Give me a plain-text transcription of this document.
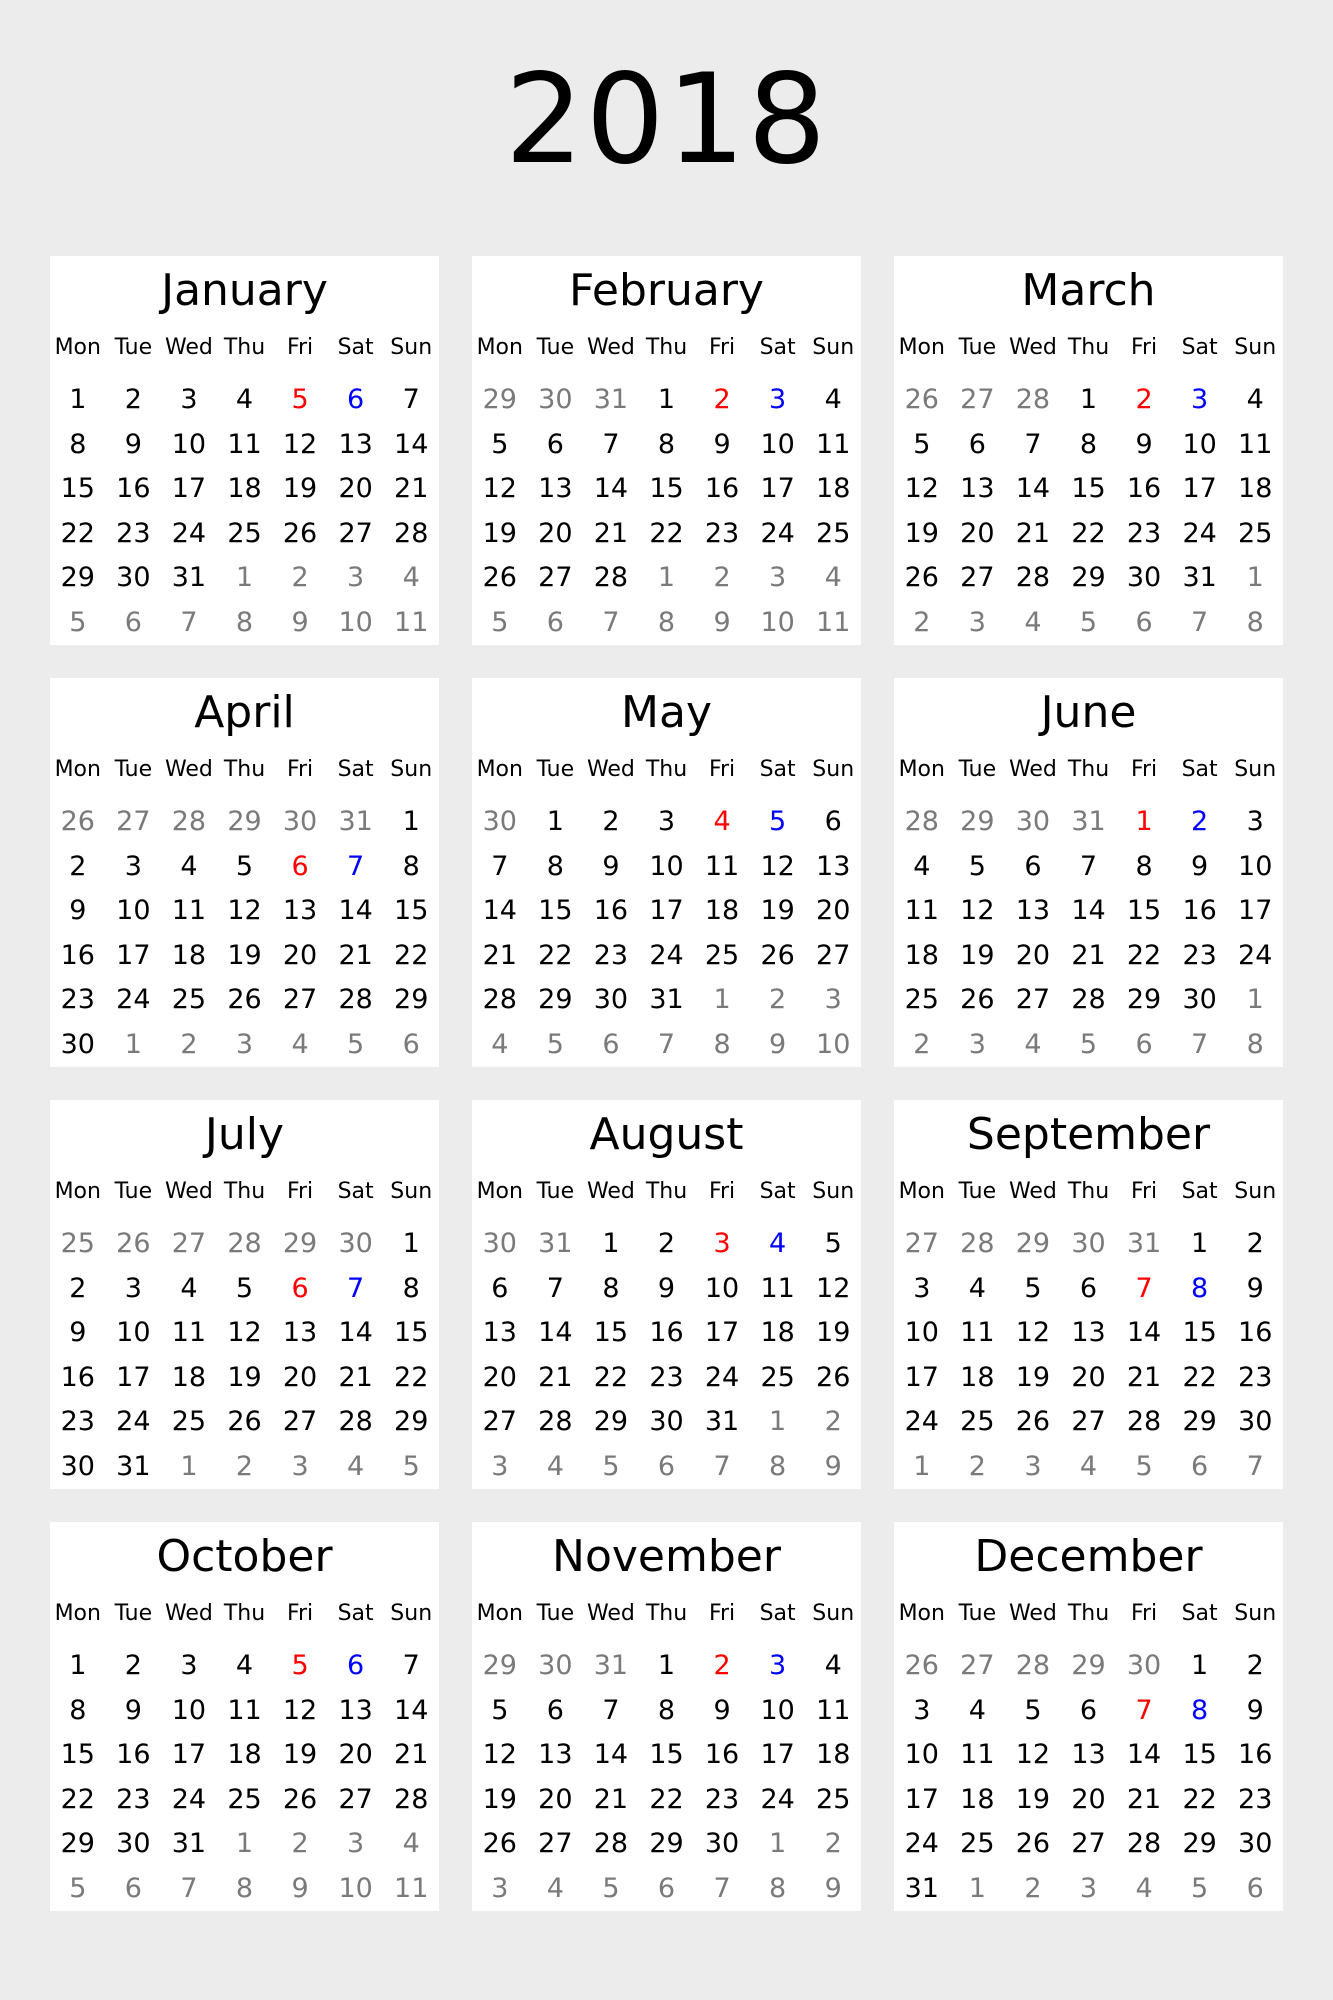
2018
January
Mon Tue Wed Thu Fri	Sat Sun
1	2	3	4	5	6	7
8	9	10 11 12 13 14
15 16 17 18 19 20 21
22 23 24 25 26 27 28
29 30 31	1	2	3	4
5	6	7	8	9	10 11
February
Mon Tue Wed Thu Fri	Sat Sun
29 30 31	1	2	3	4
5	6	7	8	9	10 11
12 13 14 15 16 17 18
19 20 21 22 23 24 25
26 27 28	1	2	3	4
5	6	7	8	9	10 11
March
Mon Tue Wed Thu Fri	Sat Sun
26 27 28	1	2	3	4
5	6	7	8	9	10 11
12 13 14 15 16 17 18
19 20 21 22 23 24 25
26 27 28 29 30 31	1
2	3	4	5	6	7	8
April
Mon Tue Wed Thu Fri	Sat Sun
26 27 28 29 30 31	1
2	3	4	5	6	7	8
9	10 11 12 13 14 15
16 17 18 19 20 21 22
23 24 25 26 27 28 29
30	1	2	3	4	5	6
May
Mon Tue Wed Thu Fri	Sat Sun
30	1	2	3	4	5	6
7	8	9	10 11 12 13
14 15 16 17 18 19 20
21 22 23 24 25 26 27
28 29 30 31	1	2	3
4	5	6	7	8	9	10
June
Mon Tue Wed Thu Fri	Sat Sun
28 29 30 31	1	2	3
4	5	6	7	8	9	10
11 12 13 14 15 16 17
18 19 20 21 22 23 24
25 26 27 28 29 30	1
2	3	4	5	6	7	8
July
Mon Tue Wed Thu Fri	Sat Sun
25 26 27 28 29 30	1
2	3	4	5	6	7	8
9	10 11 12 13 14 15
16 17 18 19 20 21 22
23 24 25 26 27 28 29
30 31	1	2	3	4	5
August
Mon Tue Wed Thu Fri	Sat Sun
30 31	1	2	3	4	5
6	7	8	9	10 11 12
13 14 15 16 17 18 19
20 21 22 23 24 25 26
27 28 29 30 31	1	2
3	4	5	6	7	8	9
September
Mon Tue Wed Thu Fri	Sat Sun
27 28 29 30 31	1	2
3	4	5	6	7	8	9
10 11 12 13 14 15 16
17 18 19 20 21 22 23
24 25 26 27 28 29 30
1	2	3	4	5	6	7
October
Mon Tue Wed Thu Fri	Sat Sun
1	2	3	4	5	6	7
8	9	10 11 12 13 14
15 16 17 18 19 20 21
22 23 24 25 26 27 28
29 30 31	1	2	3	4
5	6	7	8	9	10 11
November
Mon Tue Wed Thu Fri	Sat Sun
29 30 31	1	2	3	4
5	6	7	8	9	10 11
12 13 14 15 16 17 18
19 20 21 22 23 24 25
26 27 28 29 30	1	2
3	4	5	6	7	8	9
December
Mon Tue Wed Thu Fri	Sat Sun
26 27 28 29 30	1	2
3	4	5	6	7	8	9
10 11 12 13 14 15 16
17 18 19 20 21 22 23
24 25 26 27 28 29 30
31	1	2	3	4	5	6
